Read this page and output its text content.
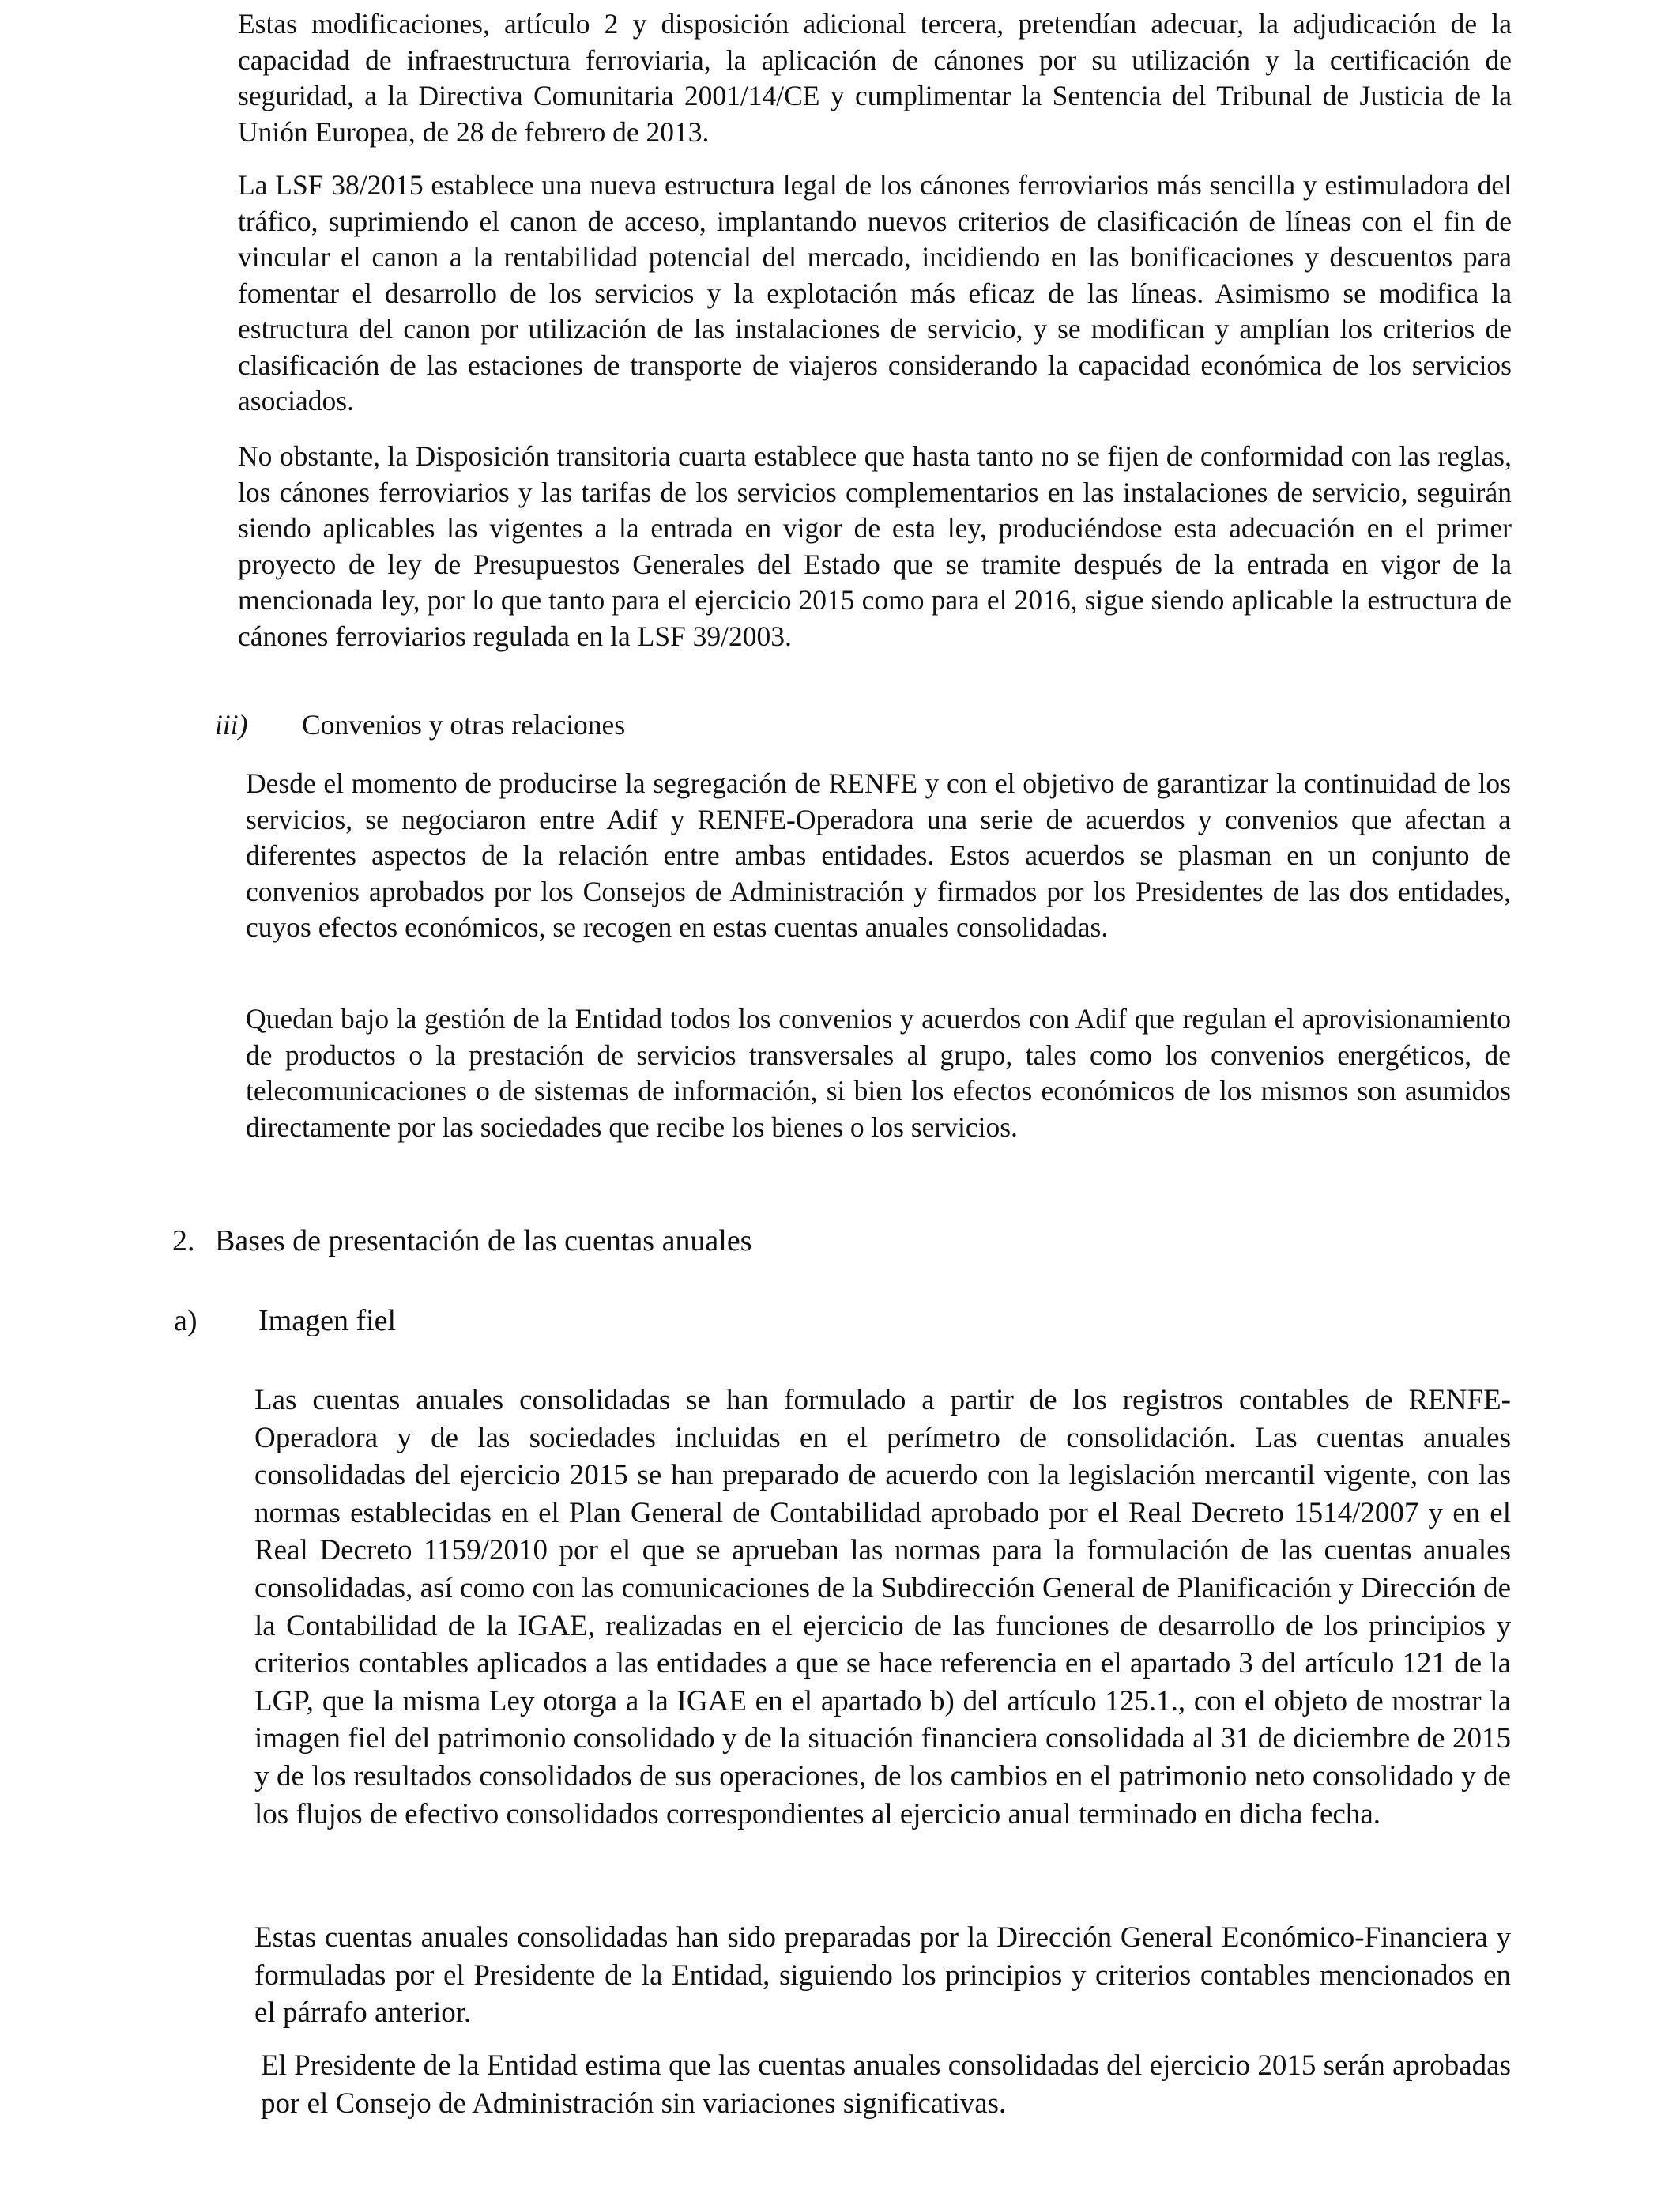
Estas modificaciones, artículo 2 y disposición adicional tercera, pretendían adecuar, la adjudicación de la capacidad de infraestructura ferroviaria, la aplicación de cánones por su utilización y la certificación de seguridad, a la Directiva Comunitaria 2001/14/CE y cumplimentar la Sentencia del Tribunal de Justicia de la Unión Europea, de 28 de febrero de 2013.

La LSF 38/2015 establece una nueva estructura legal de los cánones ferroviarios más sencilla y estimuladora del tráfico, suprimiendo el canon de acceso, implantando nuevos criterios de clasificación de líneas con el fin de vincular el canon a la rentabilidad potencial del mercado, incidiendo en las bonificaciones y descuentos para fomentar el desarrollo de los servicios y la explotación más eficaz de las líneas. Asimismo se modifica la estructura del canon por utilización de las instalaciones de servicio, y se modifican y amplían los criterios de clasificación de las estaciones de transporte de viajeros considerando la capacidad económica de los servicios asociados.

No obstante, la Disposición transitoria cuarta establece que hasta tanto no se fijen de conformidad con las reglas, los cánones ferroviarios y las tarifas de los servicios complementarios en las instalaciones de servicio, seguirán siendo aplicables las vigentes a la entrada en vigor de esta ley, produciéndose esta adecuación en el primer proyecto de ley de Presupuestos Generales del Estado que se tramite después de la entrada en vigor de la mencionada ley, por lo que tanto para el ejercicio 2015 como para el 2016, sigue siendo aplicable la estructura de cánones ferroviarios regulada en la LSF 39/2003.

iii) Convenios y otras relaciones

Desde el momento de producirse la segregación de RENFE y con el objetivo de garantizar la continuidad de los servicios, se negociaron entre Adif y RENFE-Operadora una serie de acuerdos y convenios que afectan a diferentes aspectos de la relación entre ambas entidades. Estos acuerdos se plasman en un conjunto de convenios aprobados por los Consejos de Administración y firmados por los Presidentes de las dos entidades, cuyos efectos económicos, se recogen en estas cuentas anuales consolidadas.

Quedan bajo la gestión de la Entidad todos los convenios y acuerdos con Adif que regulan el aprovisionamiento de productos o la prestación de servicios transversales al grupo, tales como los convenios energéticos, de telecomunicaciones o de sistemas de información, si bien los efectos económicos de los mismos son asumidos directamente por las sociedades que recibe los bienes o los servicios.

2. Bases de presentación de las cuentas anuales
a) Imagen fiel

Las cuentas anuales consolidadas se han formulado a partir de los registros contables de RENFE-Operadora y de las sociedades incluidas en el perímetro de consolidación. Las cuentas anuales consolidadas del ejercicio 2015 se han preparado de acuerdo con la legislación mercantil vigente, con las normas establecidas en el Plan General de Contabilidad aprobado por el Real Decreto 1514/2007 y en el Real Decreto 1159/2010 por el que se aprueban las normas para la formulación de las cuentas anuales consolidadas, así como con las comunicaciones de la Subdirección General de Planificación y Dirección de la Contabilidad de la IGAE, realizadas en el ejercicio de las funciones de desarrollo de los principios y criterios contables aplicados a las entidades a que se hace referencia en el apartado 3 del artículo 121 de la LGP, que la misma Ley otorga a la IGAE en el apartado b) del artículo 125.1., con el objeto de mostrar la imagen fiel del patrimonio consolidado y de la situación financiera consolidada al 31 de diciembre de 2015 y de los resultados consolidados de sus operaciones, de los cambios en el patrimonio neto consolidado y de los flujos de efectivo consolidados correspondientes al ejercicio anual terminado en dicha fecha.

Estas cuentas anuales consolidadas han sido preparadas por la Dirección General Económico-Financiera y formuladas por el Presidente de la Entidad, siguiendo los principios y criterios contables mencionados en el párrafo anterior.

El Presidente de la Entidad estima que las cuentas anuales consolidadas del ejercicio 2015 serán aprobadas por el Consejo de Administración sin variaciones significativas.
